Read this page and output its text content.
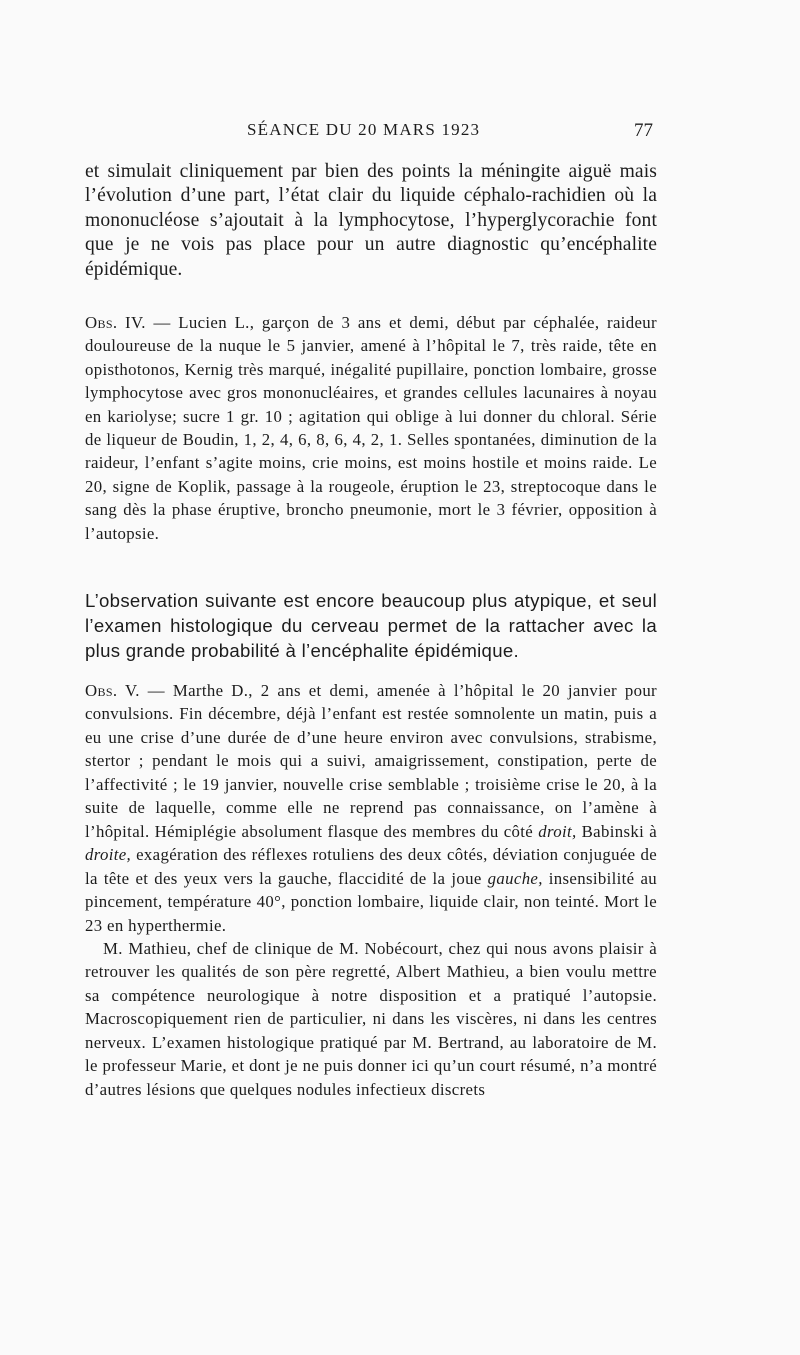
SÉANCE DU 20 MARS 1923	77
et simulait cliniquement par bien des points la méningite aiguë mais l’évolution d’une part, l’état clair du liquide céphalo-rachidien où la mononucléose s’ajoutait à la lymphocytose, l’hyperglycorachie font que je ne vois pas place pour un autre diagnostic qu’encéphalite épidémique.
Obs. IV. — Lucien L., garçon de 3 ans et demi, début par céphalée, raideur douloureuse de la nuque le 5 janvier, amené à l’hôpital le 7, très raide, tête en opisthotonos, Kernig très marqué, inégalité pupillaire, ponction lombaire, grosse lymphocytose avec gros mononucléaires, et grandes cellules lacunaires à noyau en kariolyse; sucre 1 gr. 10 ; agitation qui oblige à lui donner du chloral. Série de liqueur de Boudin, 1, 2, 4, 6, 8, 6, 4, 2, 1. Selles spontanées, diminution de la raideur, l’enfant s’agite moins, crie moins, est moins hostile et moins raide. Le 20, signe de Koplik, passage à la rougeole, éruption le 23, streptocoque dans le sang dès la phase éruptive, broncho pneumonie, mort le 3 février, opposition à l’autopsie.
L’observation suivante est encore beaucoup plus atypique, et seul l’examen histologique du cerveau permet de la rattacher avec la plus grande probabilité à l’encéphalite épidémique.

Obs. V. — Marthe D., 2 ans et demi, amenée à l’hôpital le 20 janvier pour convulsions. Fin décembre, déjà l’enfant est restée somnolente un matin, puis a eu une crise d’une durée de d’une heure environ avec convulsions, strabisme, stertor ; pendant le mois qui a suivi, amaigrissement, constipation, perte de l’affectivité ; le 19 janvier, nouvelle crise semblable ; troisième crise le 20, à la suite de laquelle, comme elle ne reprend pas connaissance, on l’amène à l’hôpital. Hémiplégie absolument flasque des membres du côté droit, Babinski à droite, exagération des réflexes rotuliens des deux côtés, déviation conjuguée de la tête et des yeux vers la gauche, flaccidité de la joue gauche, insensibilité au pincement, température 40°, ponction lombaire, liquide clair, non teinté. Mort le 23 en hyperthermie.

M. Mathieu, chef de clinique de M. Nobécourt, chez qui nous avons plaisir à retrouver les qualités de son père regretté, Albert Mathieu, a bien voulu mettre sa compétence neurologique à notre disposition et a pratiqué l’autopsie. Macroscopiquement rien de particulier, ni dans les viscères, ni dans les centres nerveux. L’examen histologique pratiqué par M. Bertrand, au laboratoire de M. le professeur Marie, et dont je ne puis donner ici qu’un court résumé, n’a montré d’autres lésions que quelques nodules infectieux discrets
